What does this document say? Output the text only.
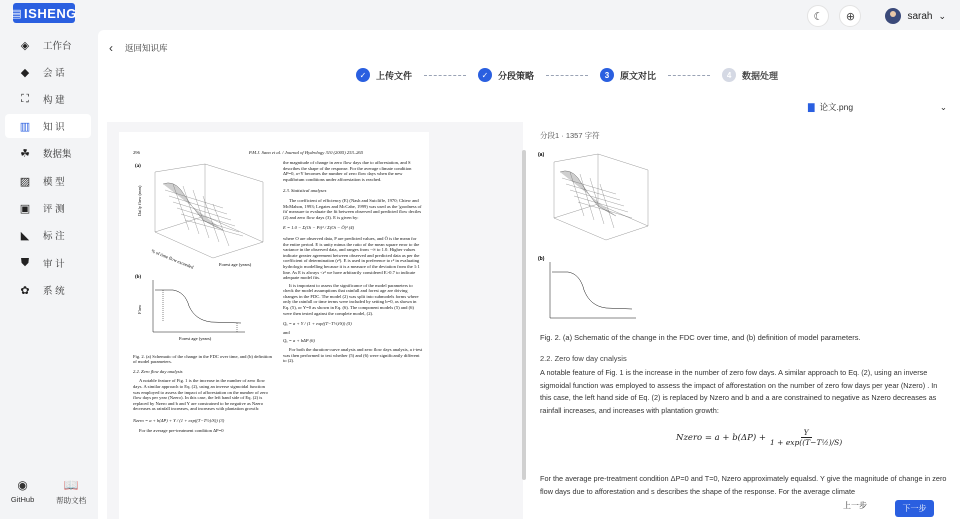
▤ ISHENG	☾ ⊕	sarah ⌄
◈ 工作台
◆ 会 话
⛶ 构 建
▥ 知 识
☘ 数据集
▨ 模 型
▣ 评 测
◣ 标 注
⛊ 审 计
✿ 系 统
◉
GitHub
📖
帮助文档
‹ 返回知识库
✓	上传文件	✓	分段策略	3	原文对比	4	数据处理
▇ 论文.png	⌄
296	P.M.J. Sano et al. / Journal of Hydrology 310 (2005) 253–265
(a)
Daily flow (mm)
% of time flow exceeded	Forest age (years)
(b)
Flow
Forest age (years)
Fig. 2. (a) Schematic of the change in the FDC over time, and (b) definition of model parameters.
2.2. Zero flow day analysis
A notable feature of Fig. 1 is the increase in the number of zero flow days. A similar approach to Eq. (2), using an inverse sigmoidal function was employed to assess the impact of afforestation on the number of zero flow days per year (Nzero). In this case, the left hand side of Eq. (2) is replaced by Nzero and b and Y are constrained to be negative as Nzero decreases as rainfall increases, and increases with plantation growth:
Nzero = a + b(ΔP) + Y / (1 + exp((T−T½)/S)) (3)
For the average pre-treatment condition ΔP=0
the magnitude of change in zero flow days due to afforestation, and S describes the shape of the response. For the average climate condition ΔP=0, a+Y becomes the number of zero flow days when the new equilibrium conditions under afforestation is reached.
2.3. Statistical analyses
The coefficient of efficiency (E) (Nash and Sutcliffe, 1970; Chiew and McMahon, 1993; Legates and McCabe, 1999) was used as the 'goodness of fit' measure to evaluate the fit between observed and predicted flow deciles (2) and zero flow days (3). E is given by:
E = 1.0 − Σ(Oi − Pi)² / Σ(Oi − Ō)² (4)
where O are observed data, P are predicted values, and Ō is the mean for the entire period. E is unity minus the ratio of the mean square error to the variance in the observed data, and ranges from −∞ to 1.0. Higher values indicate greater agreement between observed and predicted data as per the coefficient of determination (r²). E is used in preference to r² in evaluating hydrologic modelling because it is a measure of the deviation from the 1:1 line. As E is always <r² we have arbitrarily considered E>0.7 to indicate adequate model fits.
It is important to assess the significance of the model parameters to check the model assumptions that rainfall and forest age are driving changes in the FDC. The model (2) was split into submodels forms where only the rainfall or time terms were included by setting b=0, as shown in Eq. (5), or Y=0 as shown in Eq. (6). The component models (5) and (6) were then tested against the complete model, (2).
Qₓ = a + Y / (1 + exp((T−T½)/S)) (5)
and
Qₓ = a + bΔP (6)
For both the duration-curve analysis and zero flow days analysis, a t-test was then performed to test whether (5) and (6) were significantly different to (2).
分段1 · 1357 字符
(a)
(b)
Fig. 2. (a) Schematic of the change in the FDC over time, and (b) definition of model parameters.
2.2. Zero fow day cnalysis
A notable feature of Fig. 1 is the increase in the number of zero fow days. A similar approach to Eq. (2), using an inverse sigmoidal function was employed to assess the impact of afforestation on the number of zero fow days per year (Nzero) . In this case, the left hand side of Eq. (2) is replaced by Nzero and b and a are constrained to negative as Nzero decreases as rainfall increases, and increases with plantation growth:
Nzero = $a + b(\Delta P) + \frac{Y}{\text{1 + exp((T−T½)/S)}}$
For the average pre-treatment condition ΔP=0 and T=0, Nzero approximately equalsd. Y give the magnitude of change in zero flow days due to afforestation and s describes the shape of the response. For the average climate
上一步	下一步
